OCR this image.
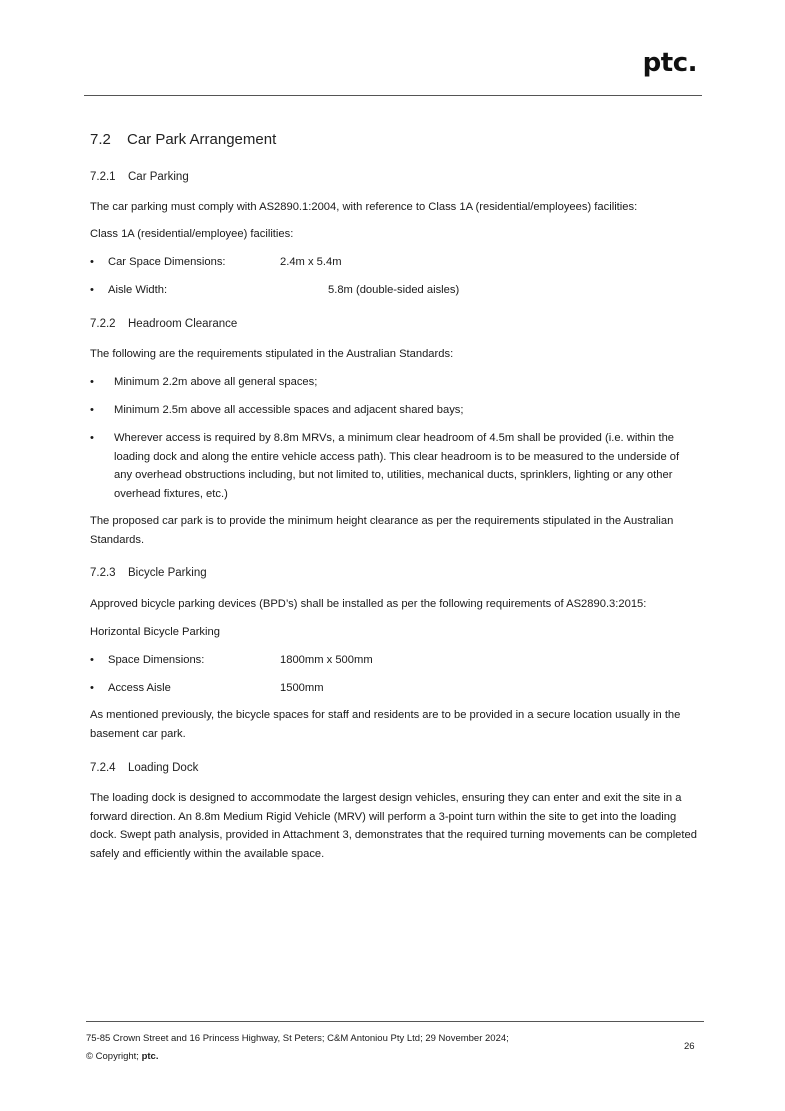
ptc.
7.2 Car Park Arrangement
7.2.1 Car Parking
The car parking must comply with AS2890.1:2004, with reference to Class 1A (residential/employees) facilities:
Class 1A (residential/employee) facilities:
• Car Space Dimensions:	2.4m x 5.4m
• Aisle Width:	5.8m (double-sided aisles)
7.2.2 Headroom Clearance
The following are the requirements stipulated in the Australian Standards:
• Minimum 2.2m above all general spaces;
• Minimum 2.5m above all accessible spaces and adjacent shared bays;
• Wherever access is required by 8.8m MRVs, a minimum clear headroom of 4.5m shall be provided (i.e. within the loading dock and along the entire vehicle access path). This clear headroom is to be measured to the underside of any overhead obstructions including, but not limited to, utilities, mechanical ducts, sprinklers, lighting or any other overhead fixtures, etc.)
The proposed car park is to provide the minimum height clearance as per the requirements stipulated in the Australian Standards.
7.2.3 Bicycle Parking
Approved bicycle parking devices (BPD’s) shall be installed as per the following requirements of AS2890.3:2015:
Horizontal Bicycle Parking
• Space Dimensions:	1800mm x 500mm
• Access Aisle	1500mm
As mentioned previously, the bicycle spaces for staff and residents are to be provided in a secure location usually in the basement car park.
7.2.4 Loading Dock
The loading dock is designed to accommodate the largest design vehicles, ensuring they can enter and exit the site in a forward direction. An 8.8m Medium Rigid Vehicle (MRV) will perform a 3-point turn within the site to get into the loading dock. Swept path analysis, provided in Attachment 3, demonstrates that the required turning movements can be completed safely and efficiently within the available space.
75-85 Crown Street and 16 Princess Highway, St Peters; C&M Antoniou Pty Ltd; 29 November 2024;
© Copyright; ptc.
26
